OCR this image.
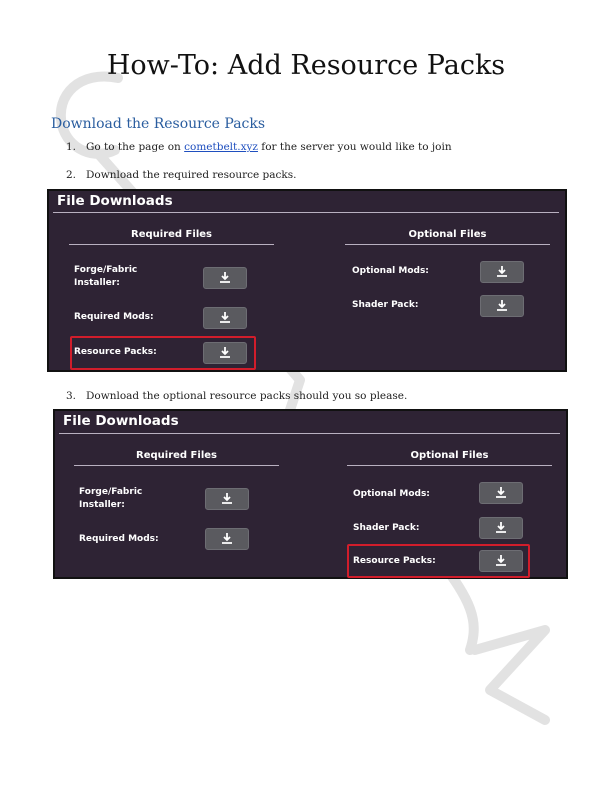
How-To: Add Resource Packs
Download the Resource Packs
1. Go to the page on cometbelt.xyz for the server you would like to join
2. Download the required resource packs.
File Downloads
Required Files	Optional Files
Forge/Fabric
Installer:
Required Mods:
Resource Packs:
Optional Mods:
Shader Pack:
3. Download the optional resource packs should you so please.
File Downloads
Required Files	Optional Files
Forge/Fabric
Installer:
Required Mods:
Optional Mods:
Shader Pack:
Resource Packs:
